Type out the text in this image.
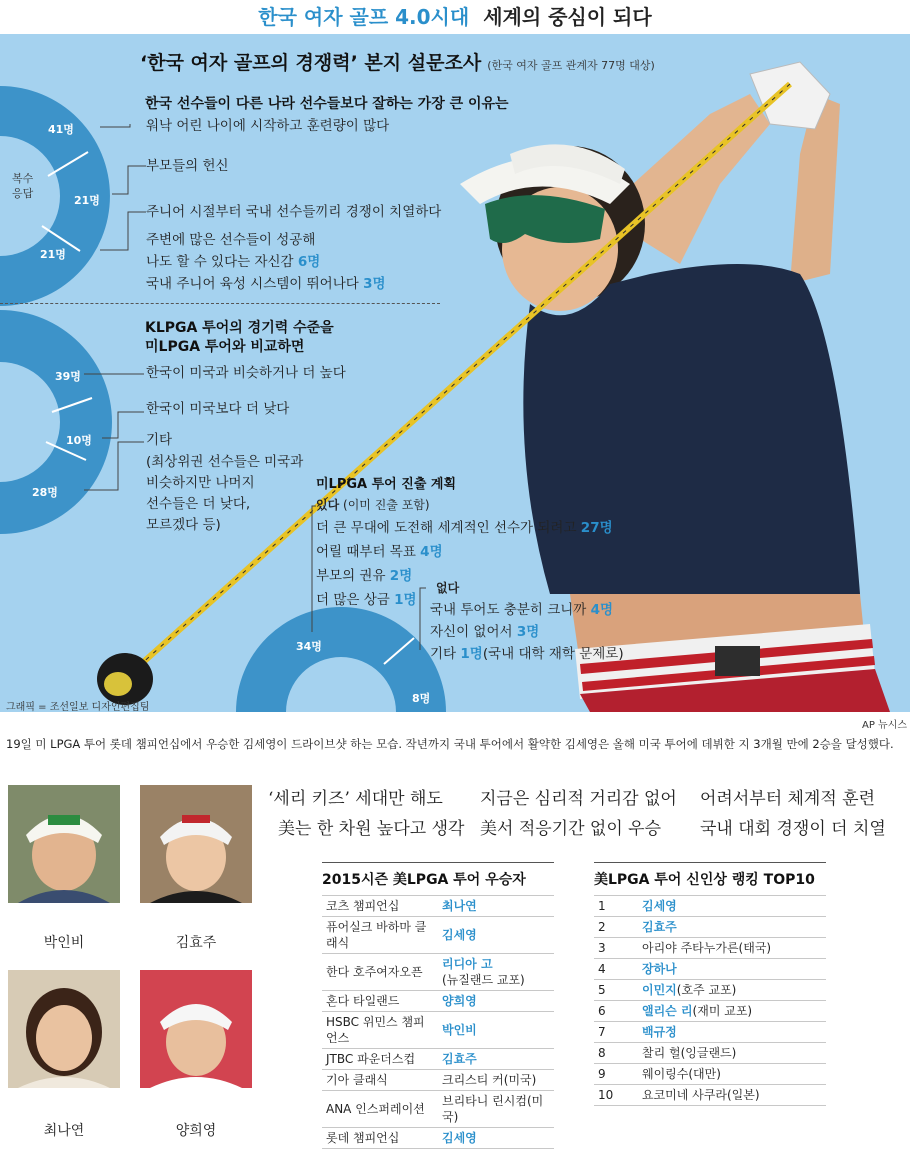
한국 여자 골프 4.0시대 세계의 중심이 되다
‘한국 여자 골프의 경쟁력’ 본지 설문조사 (한국 여자 골프 관계자 77명 대상)
41명
21명
21명
복수
응답
한국 선수들이 다른 나라 선수들보다 잘하는 가장 큰 이유는
워낙 어린 나이에 시작하고 훈련량이 많다
부모들의 헌신
주니어 시절부터 국내 선수들끼리 경쟁이 치열하다
주변에 많은 선수들이 성공해
나도 할 수 있다는 자신감 6명
국내 주니어 육성 시스템이 뛰어나다 3명
39명
10명
28명
KLPGA 투어의 경기력 수준을
미LPGA 투어와 비교하면
한국이 미국과 비슷하거나 더 높다
한국이 미국보다 더 낮다
기타
(최상위권 선수들은 미국과
비슷하지만 나머지
선수들은 더 낮다,
모르겠다 등)
미LPGA 투어 진출 계획
있다 (이미 진출 포함)
더 큰 무대에 도전해 세계적인 선수가 되려고 27명
어릴 때부터 목표 4명
부모의 권유 2명
더 많은 상금 1명
없다
국내 투어도 충분히 크니까 4명
자신이 없어서 3명
기타 1명(국내 대학 재학 문제로)
34명
8명
그래픽 = 조선일보 디자인편집팀
AP 뉴시스
19일 미 LPGA 투어 롯데 챔피언십에서 우승한 김세영이 드라이브샷 하는 모습. 작년까지 국내 투어에서 활약한 김세영은 올해 미국 투어에 데뷔한 지 3개월 만에 2승을 달성했다.
박인비	김효주
최나연	양희영
‘세리 키즈’ 세대만 해도
美는 한 차원 높다고 생각
지금은 심리적 거리감 없어
美서 적응기간 없이 우승
어려서부터 체계적 훈련
국내 대회 경쟁이 더 치열
2015시즌 美LPGA 투어 우승자
코츠 챔피언십	최나연
퓨어실크 바하마 클래식	김세영
한다 호주여자오픈	리디아 고
(뉴질랜드 교포)
혼다 타일랜드	양희영
HSBC 위민스 챔피언스	박인비
JTBC 파운더스컵	김효주
기아 클래식	크리스티 커(미국)
ANA 인스퍼레이션	브리타니 린시컴(미국)
롯데 챔피언십	김세영
美LPGA 투어 신인상 랭킹 TOP10
1	김세영
2	김효주
3	아리야 주타누가른(태국)
4	장하나
5	이민지(호주 교포)
6	앨리슨 리(재미 교포)
7	백규정
8	찰리 헐(잉글랜드)
9	웨이링수(대만)
10	요코미네 사쿠라(일본)
